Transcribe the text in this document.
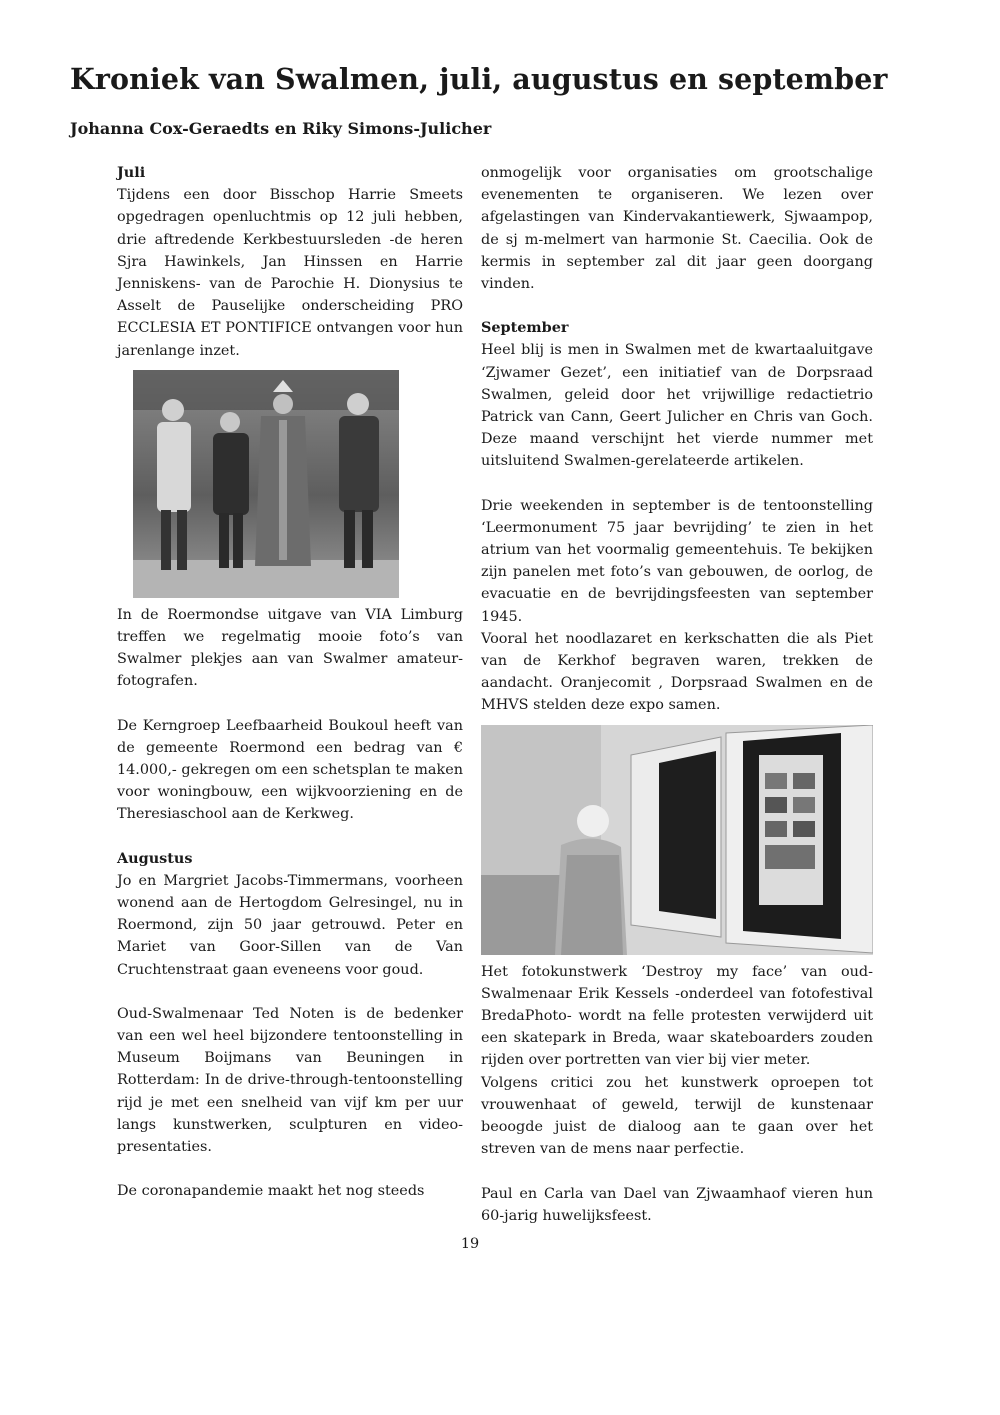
Kroniek van Swalmen, juli, augustus en september
Johanna Cox-Geraedts en Riky Simons-Julicher
Juli

Tijdens een door Bisschop Harrie Smeets opgedragen openluchtmis op 12 juli hebben, drie aftredende Kerkbestuursleden -de heren Sjra Hawinkels, Jan Hinssen en Harrie Jenniskens- van de Parochie H. Dionysius te Asselt de Pauselijke onderscheiding PRO ECCLESIA ET PONTIFICE ontvangen voor hun jarenlange inzet.

In de Roermondse uitgave van VIA Limburg treffen we regelmatig mooie foto’s van Swalmer plekjes aan van Swalmer amateur-fotografen.

De Kerngroep Leefbaarheid Boukoul heeft van de gemeente Roermond een bedrag van € 14.000,- gekregen om een schetsplan te maken voor woningbouw, een wijkvoorziening en de Theresiaschool aan de Kerkweg.

Augustus

Jo en Margriet Jacobs-Timmermans, voorheen wonend aan de Hertogdom Gelresingel, nu in Roermond, zijn 50 jaar getrouwd. Peter en Mariet van Goor-Sillen van de Van Cruchtenstraat gaan eveneens voor goud.

Oud-Swalmenaar Ted Noten is de bedenker van een wel heel bijzondere tentoonstelling in Museum Boijmans van Beuningen in Rotterdam: In de drive-through-tentoonstelling rijd je met een snelheid van vijf km per uur langs kunstwerken, sculpturen en video-presentaties.

De coronapandemie maakt het nog steeds

onmogelijk voor organisaties om grootschalige evenementen te organiseren. We lezen over afgelastingen van Kindervakantiewerk, Sjwaampop, de sj m-melmert van harmonie St. Caecilia. Ook de kermis in september zal dit jaar geen doorgang vinden.

September

Heel blij is men in Swalmen met de kwartaaluitgave ‘Zjwamer Gezet’, een initiatief van de Dorpsraad Swalmen, geleid door het vrijwillige redactietrio Patrick van Cann, Geert Julicher en Chris van Goch. Deze maand verschijnt het vierde nummer met uitsluitend Swalmen-gerelateerde artikelen.

Drie weekenden in september is de tentoonstelling ‘Leermonument 75 jaar bevrijding’ te zien in het atrium van het voormalig gemeentehuis. Te bekijken zijn panelen met foto’s van gebouwen, de oorlog, de evacuatie en de bevrijdingsfeesten van september 1945.

Vooral het noodlazaret en kerkschatten die als Piet van de Kerkhof begraven waren, trekken de aandacht. Oranjecomit , Dorpsraad Swalmen en de MHVS stelden deze expo samen.

Het fotokunstwerk ‘Destroy my face’ van oud-Swalmenaar Erik Kessels -onderdeel van fotofestival BredaPhoto- wordt na felle protesten verwijderd uit een skatepark in Breda, waar skateboarders zouden rijden over portretten van vier bij vier meter.

Volgens critici zou het kunstwerk oproepen tot vrouwenhaat of geweld, terwijl de kunstenaar beoogde juist de dialoog aan te gaan over het streven van de mens naar perfectie.

Paul en Carla van Dael van Zjwaamhaof vieren hun 60-jarig huwelijksfeest.

19
